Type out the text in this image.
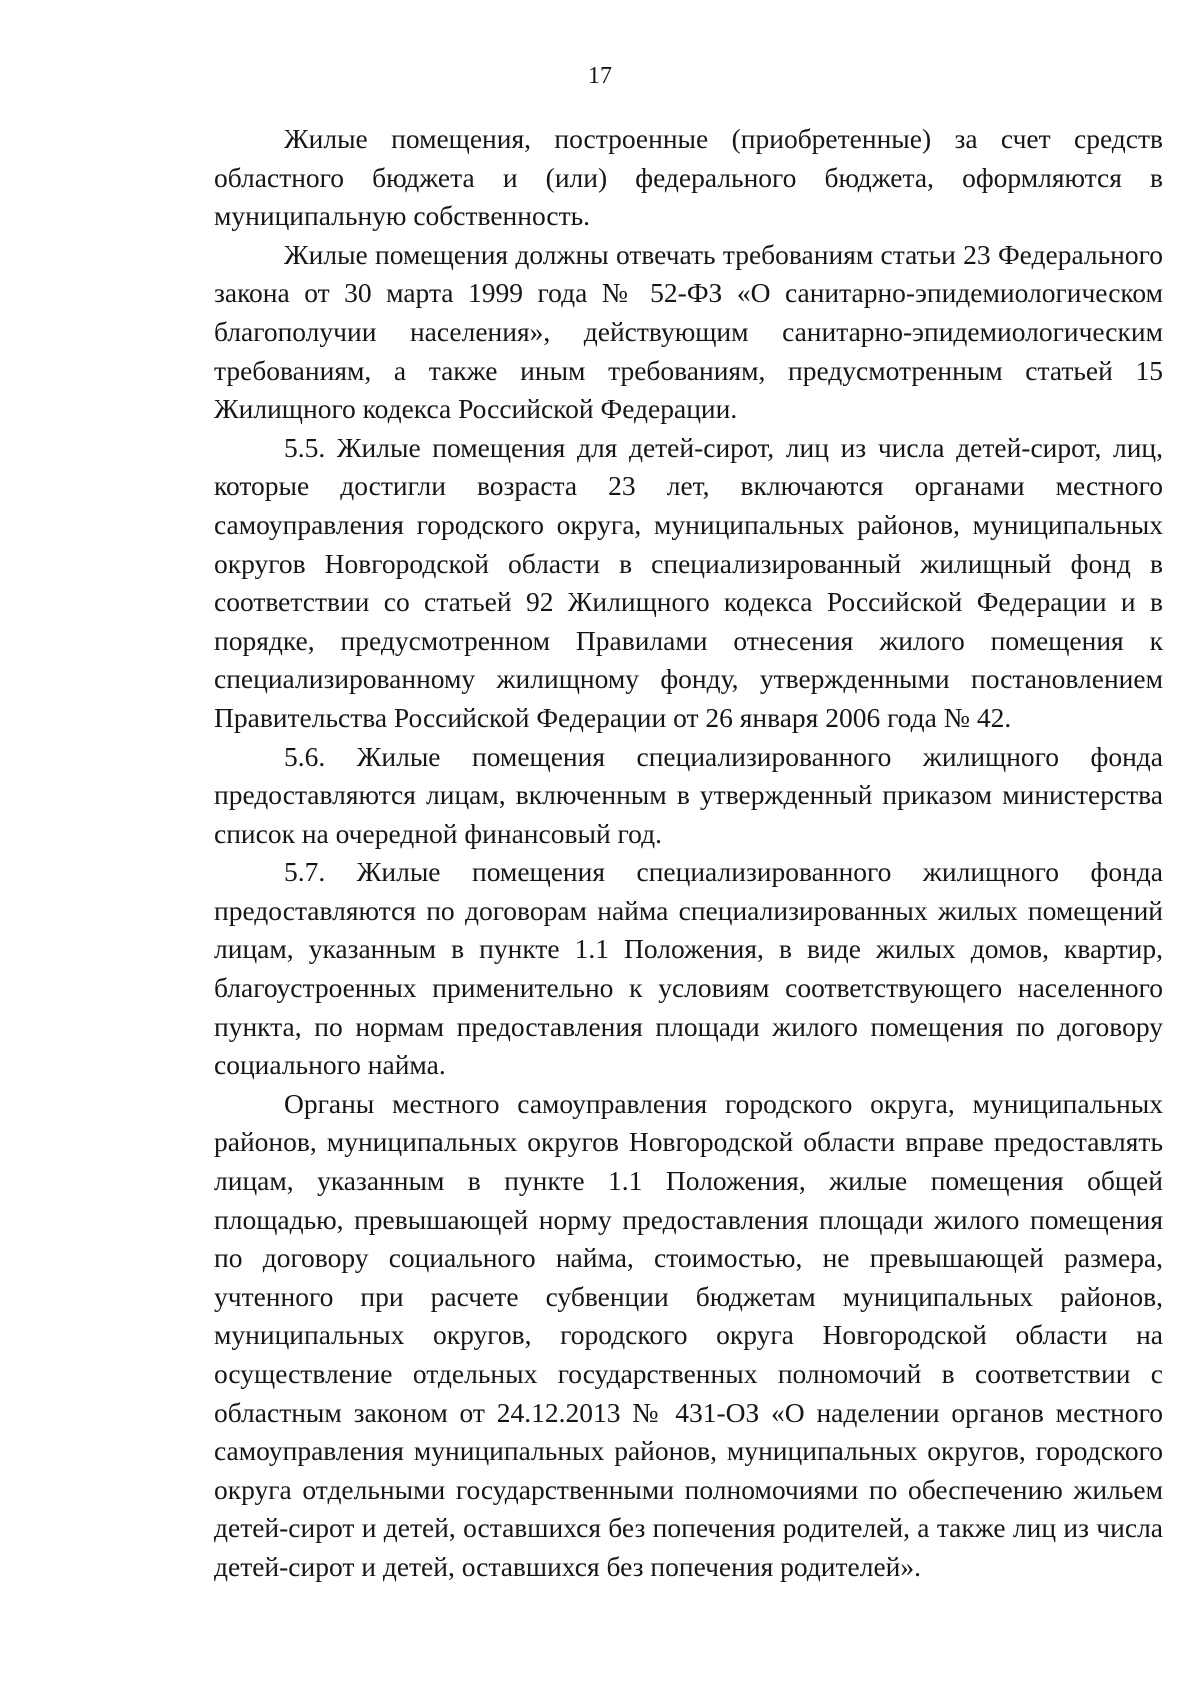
17

Жилые помещения, построенные (приобретенные) за счет средств областного бюджета и (или) федерального бюджета, оформляются в муниципальную собственность.

Жилые помещения должны отвечать требованиям статьи 23 Федерального закона от 30 марта 1999 года № 52-ФЗ «О санитарно-эпидемиологическом благополучии населения», действующим санитарно-эпидемиологическим требованиям, а также иным требованиям, предусмотренным статьей 15 Жилищного кодекса Российской Федерации.

5.5. Жилые помещения для детей-сирот, лиц из числа детей-сирот, лиц, которые достигли возраста 23 лет, включаются органами местного самоуправления городского округа, муниципальных районов, муниципальных округов Новгородской области в специализированный жилищный фонд в соответствии со статьей 92 Жилищного кодекса Российской Федерации и в порядке, предусмотренном Правилами отнесения жилого помещения к специализированному жилищному фонду, утвержденными постановлением Правительства Российской Федерации от 26 января 2006 года № 42.

5.6. Жилые помещения специализированного жилищного фонда предоставляются лицам, включенным в утвержденный приказом министерства список на очередной финансовый год.

5.7. Жилые помещения специализированного жилищного фонда предоставляются по договорам найма специализированных жилых помещений лицам, указанным в пункте 1.1 Положения, в виде жилых домов, квартир, благоустроенных применительно к условиям соответствующего населенного пункта, по нормам предоставления площади жилого помещения по договору социального найма.

Органы местного самоуправления городского округа, муниципальных районов, муниципальных округов Новгородской области вправе предоставлять лицам, указанным в пункте 1.1 Положения, жилые помещения общей площадью, превышающей норму предоставления площади жилого помещения по договору социального найма, стоимостью, не превышающей размера, учтенного при расчете субвенции бюджетам муниципальных районов, муниципальных округов, городского округа Новгородской области на осуществление отдельных государственных полномочий в соответствии с областным законом от 24.12.2013 № 431-ОЗ «О наделении органов местного самоуправления муниципальных районов, муниципальных округов, городского округа отдельными государственными полномочиями по обеспечению жильем детей-сирот и детей, оставшихся без попечения родителей, а также лиц из числа детей-сирот и детей, оставшихся без попечения родителей».
